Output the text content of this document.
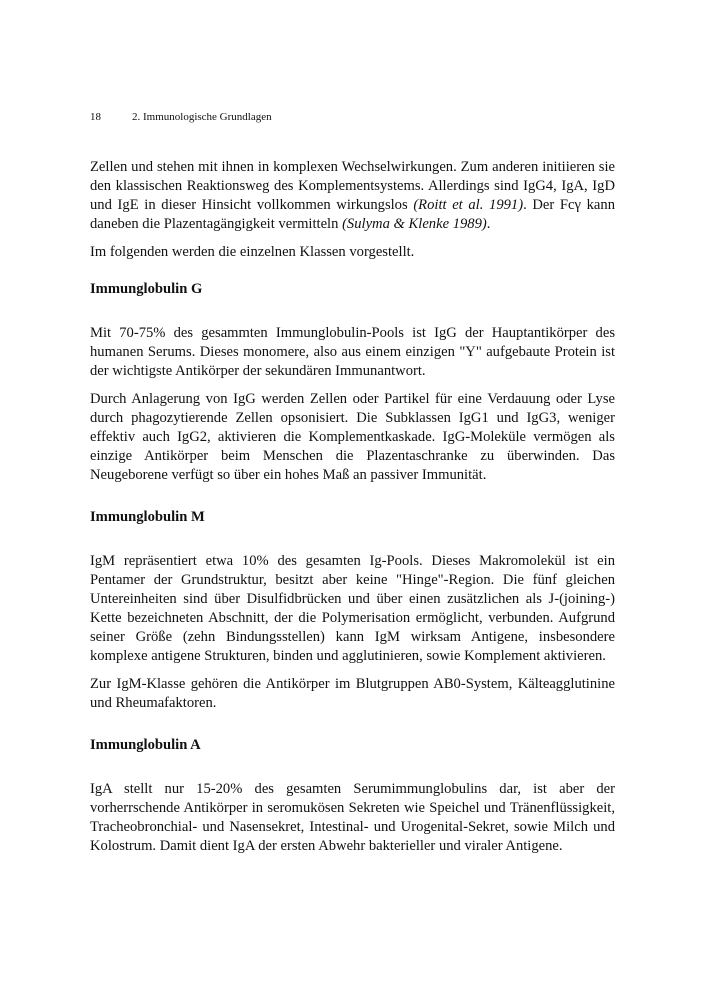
18	2. Immunologische Grundlagen

Zellen und stehen mit ihnen in komplexen Wechselwirkungen. Zum anderen initiieren sie den klassischen Reaktionsweg des Komplementsystems. Allerdings sind IgG4, IgA, IgD und IgE in dieser Hinsicht vollkommen wirkungslos (Roitt et al. 1991). Der Fcγ kann daneben die Plazentagängigkeit vermitteln (Sulyma & Klenke 1989).

Im folgenden werden die einzelnen Klassen vorgestellt.

Immunglobulin G

Mit 70-75% des gesammten Immunglobulin-Pools ist IgG der Hauptantikörper des humanen Serums. Dieses monomere, also aus einem einzigen "Y" aufgebaute Protein ist der wichtigste Antikörper der sekundären Immunantwort.

Durch Anlagerung von IgG werden Zellen oder Partikel für eine Verdauung oder Lyse durch phagozytierende Zellen opsonisiert. Die Subklassen IgG1 und IgG3, weniger effektiv auch IgG2, aktivieren die Komplementkaskade. IgG-Moleküle vermögen als einzige Antikörper beim Menschen die Plazentaschranke zu überwinden. Das Neugeborene verfügt so über ein hohes Maß an passiver Immunität.

Immunglobulin M

IgM repräsentiert etwa 10% des gesamten Ig-Pools. Dieses Makromolekül ist ein Pentamer der Grundstruktur, besitzt aber keine "Hinge"-Region. Die fünf gleichen Untereinheiten sind über Disulfidbrücken und über einen zusätzlichen als J-(joining-) Kette bezeichneten Abschnitt, der die Polymerisation ermöglicht, verbunden. Aufgrund seiner Größe (zehn Bindungsstellen) kann IgM wirksam Antigene, insbesondere komplexe antigene Strukturen, binden und agglutinieren, sowie Komplement aktivieren.

Zur IgM-Klasse gehören die Antikörper im Blutgruppen AB0-System, Kälteagglutinine und Rheumafaktoren.

Immunglobulin A

IgA stellt nur 15-20% des gesamten Serumimmunglobulins dar, ist aber der vorherrschende Antikörper in seromukösen Sekreten wie Speichel und Tränenflüssigkeit, Tracheobronchial- und Nasensekret, Intestinal- und Urogenital-Sekret, sowie Milch und Kolostrum. Damit dient IgA der ersten Abwehr bakterieller und viraler Antigene.
